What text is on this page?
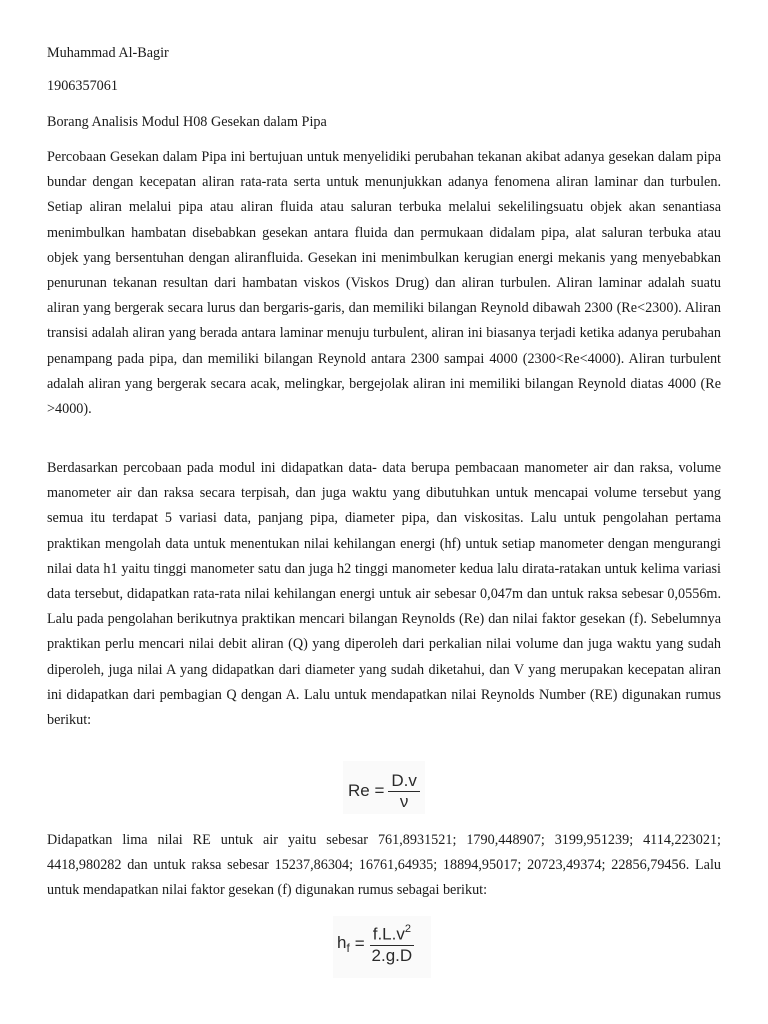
Muhammad Al-Bagir
1906357061
Borang Analisis Modul H08 Gesekan dalam Pipa

Percobaan Gesekan dalam Pipa ini bertujuan untuk menyelidiki perubahan tekanan akibat adanya gesekan dalam pipa bundar dengan kecepatan aliran rata-rata serta untuk menunjukkan adanya fenomena aliran laminar dan turbulen. Setiap aliran melalui pipa atau aliran fluida atau saluran terbuka melalui sekelilingsuatu objek akan senantiasa menimbulkan hambatan disebabkan gesekan antara fluida dan permukaan didalam pipa, alat saluran terbuka atau objek yang bersentuhan dengan aliranfluida. Gesekan ini menimbulkan kerugian energi mekanis yang menyebabkan penurunan tekanan resultan dari hambatan viskos (Viskos Drug) dan aliran turbulen. Aliran laminar adalah suatu aliran yang bergerak secara lurus dan bergaris-garis, dan memiliki bilangan Reynold dibawah 2300 (Re<2300). Aliran transisi adalah aliran yang berada antara laminar menuju turbulent, aliran ini biasanya terjadi ketika adanya perubahan penampang pada pipa, dan memiliki bilangan Reynold antara 2300 sampai 4000 (2300<Re<4000). Aliran turbulent adalah aliran yang bergerak secara acak, melingkar, bergejolak aliran ini memiliki bilangan Reynold diatas 4000 (Re >4000).

Berdasarkan percobaan pada modul ini didapatkan data- data berupa pembacaan manometer air dan raksa, volume manometer air dan raksa secara terpisah, dan juga waktu yang dibutuhkan untuk mencapai volume tersebut yang semua itu terdapat 5 variasi data, panjang pipa, diameter pipa, dan viskositas. Lalu untuk pengolahan pertama praktikan mengolah data untuk menentukan nilai kehilangan energi (hf) untuk setiap manometer dengan mengurangi nilai data h1 yaitu tinggi manometer satu dan juga h2 tinggi manometer kedua lalu dirata-ratakan untuk kelima variasi data tersebut, didapatkan rata-rata nilai kehilangan energi untuk air sebesar 0,047m dan untuk raksa sebesar 0,0556m. Lalu pada pengolahan berikutnya praktikan mencari bilangan Reynolds (Re) dan nilai faktor gesekan (f). Sebelumnya praktikan perlu mencari nilai debit aliran (Q) yang diperoleh dari perkalian nilai volume dan juga waktu yang sudah diperoleh, juga nilai A yang didapatkan dari diameter yang sudah diketahui, dan V yang merupakan kecepatan aliran ini didapatkan dari pembagian Q dengan A. Lalu untuk mendapatkan nilai Reynolds Number (RE) digunakan rumus berikut:

$Re = \frac{D.v}{\nu}$

Didapatkan lima nilai RE untuk air yaitu sebesar 761,8931521; 1790,448907; 3199,951239; 4114,223021; 4418,980282 dan untuk raksa sebesar 15237,86304; 16761,64935; 18894,95017; 20723,49374; 22856,79456. Lalu untuk mendapatkan nilai faktor gesekan (f) digunakan rumus sebagai berikut:

$h_f = \frac{f.L.v^2}{2.g.D}$
